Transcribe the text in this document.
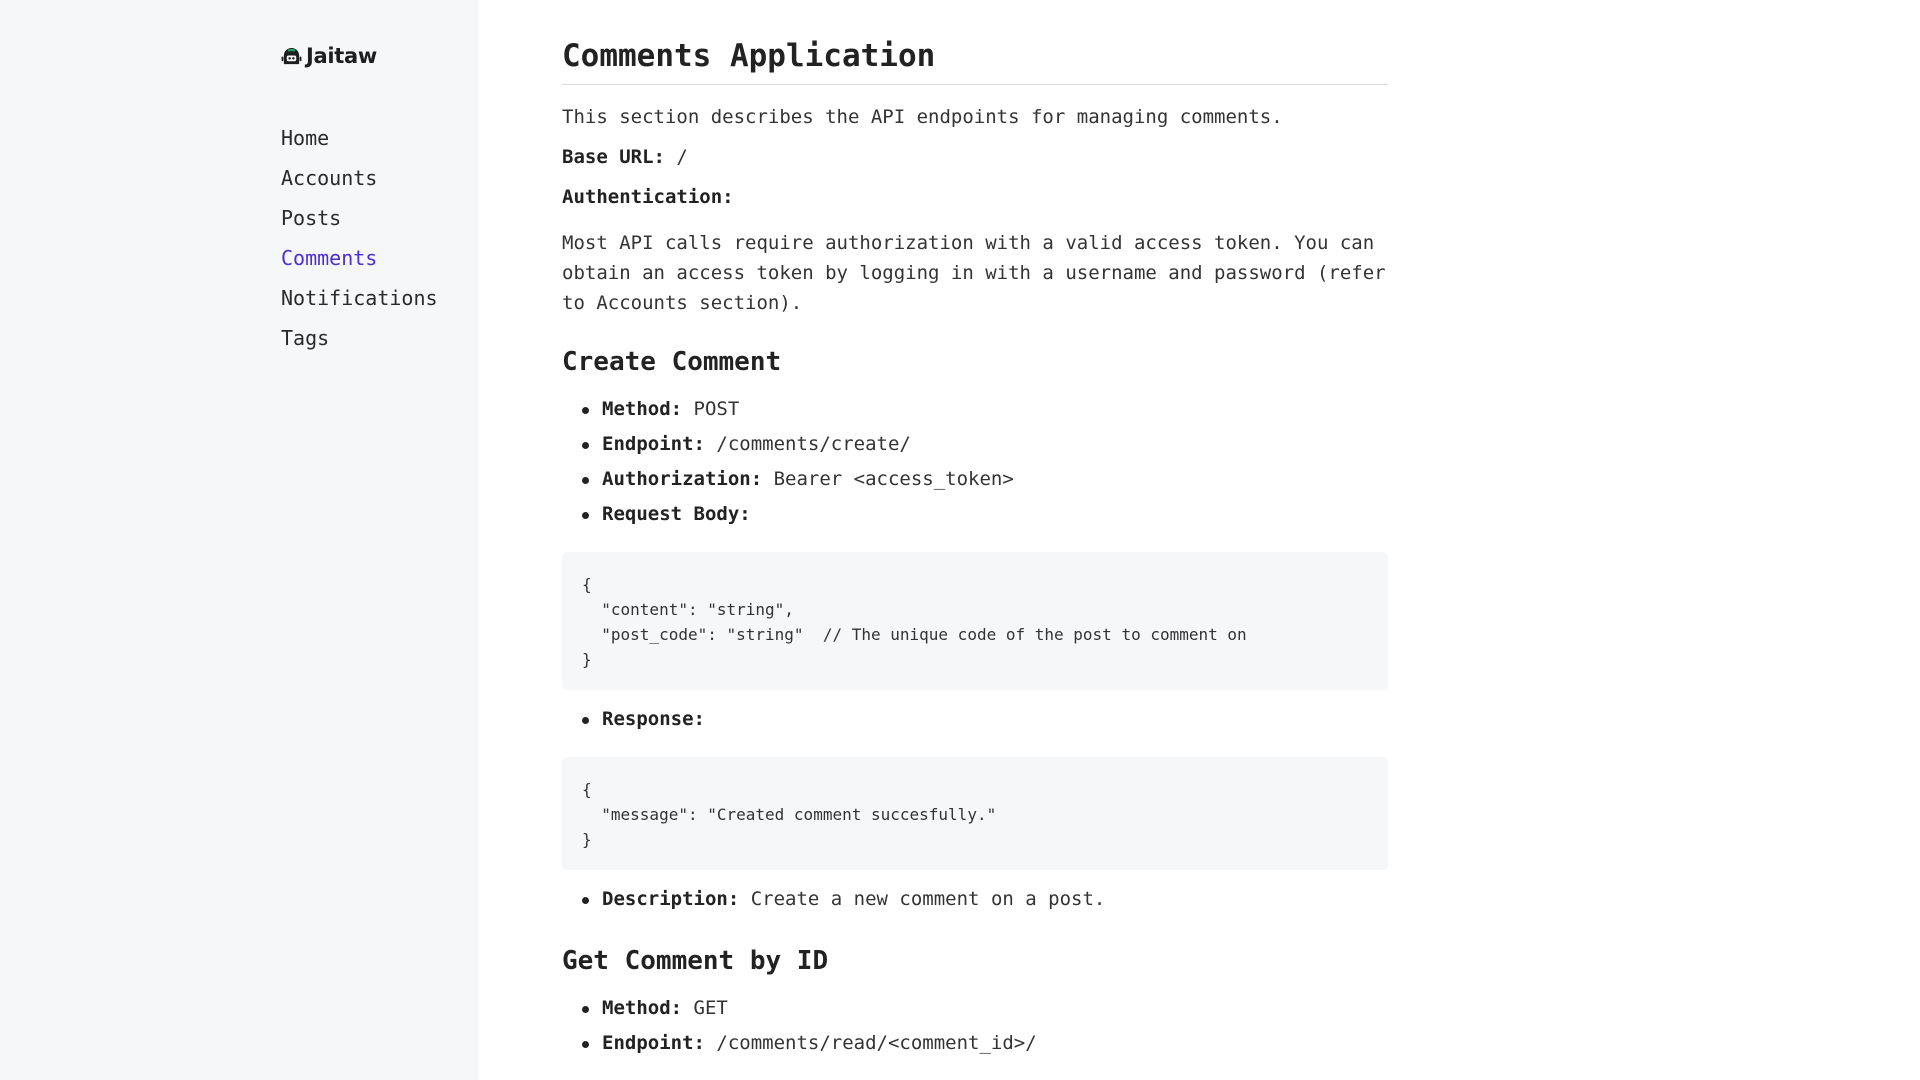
Jaitaw
Home
Accounts
Posts
Comments
Notifications
Tags
Comments Application

This section describes the API endpoints for managing comments.

Base URL: /

Authentication:

Most API calls require authorization with a valid access token. You can obtain an access token by logging in with a username and password (refer to Accounts section).

Create Comment
Method: POST
Endpoint: /comments/create/
Authorization: Bearer <access_token>
Request Body:
{
"content": "string",
"post_code": "string"  // The unique code of the post to comment on
}
Response:
{
"message": "Created comment succesfully."
}
Description: Create a new comment on a post.
Get Comment by ID
Method: GET
Endpoint: /comments/read/<comment_id>/
